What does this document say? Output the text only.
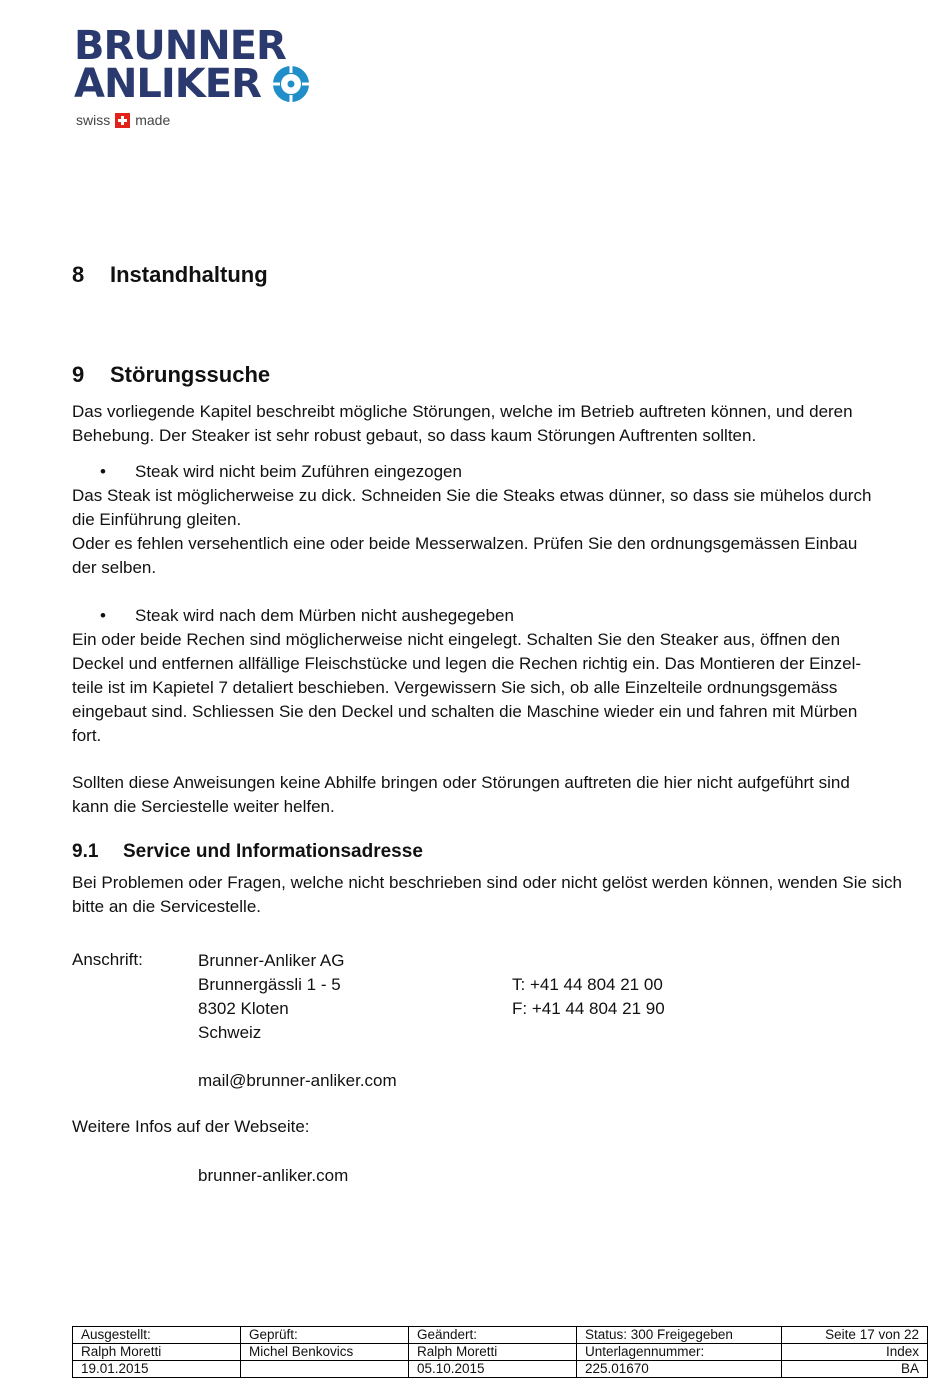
BRUNNER
ANLIKER
swiss made
8 Instandhaltung
9 Störungssuche
Das vorliegende Kapitel beschreibt mögliche Störungen, welche im Betrieb auftreten können, und deren
Behebung. Der Steaker ist sehr robust gebaut, so dass kaum Störungen Auftrenten sollten.
• Steak wird nicht beim Zuführen eingezogen
Das Steak ist möglicherweise zu dick. Schneiden Sie die Steaks etwas dünner, so dass sie mühelos durch
die Einführung gleiten.
Oder es fehlen versehentlich eine oder beide Messerwalzen. Prüfen Sie den ordnungsgemässen Einbau
der selben.
• Steak wird nach dem Mürben nicht aushegegeben
Ein oder beide Rechen sind möglicherweise nicht eingelegt. Schalten Sie den Steaker aus, öffnen den
Deckel und entfernen allfällige Fleischstücke und legen die Rechen richtig ein. Das Montieren der Einzel-
teile ist im Kapietel 7 detaliert beschieben. Vergewissern Sie sich, ob alle Einzelteile ordnungsgemäss
eingebaut sind. Schliessen Sie den Deckel und schalten die Maschine wieder ein und fahren mit Mürben
fort.
Sollten diese Anweisungen keine Abhilfe bringen oder Störungen auftreten die hier nicht aufgeführt sind
kann die Serciestelle weiter helfen.
9.1 Service und Informationsadresse

Bei Problemen oder Fragen, welche nicht beschrieben sind oder nicht gelöst werden können, wenden Sie sich bitte an die Servicestelle.

Anschrift:	Brunner-Anliker AG
Brunnergässli 1 - 5
8302 Kloten
Schweiz
T: +41 44 804 21 00
F: +41 44 804 21 90
mail@brunner-anliker.com
Weitere Infos auf der Webseite:
brunner-anliker.com
Ausgestellt:	Geprüft:	Geändert:	Status: 300 Freigegeben	Seite 17 von 22
Ralph Moretti	Michel Benkovics	Ralph Moretti	Unterlagennummer:	Index
19.01.2015		05.10.2015	225.01670	BA
